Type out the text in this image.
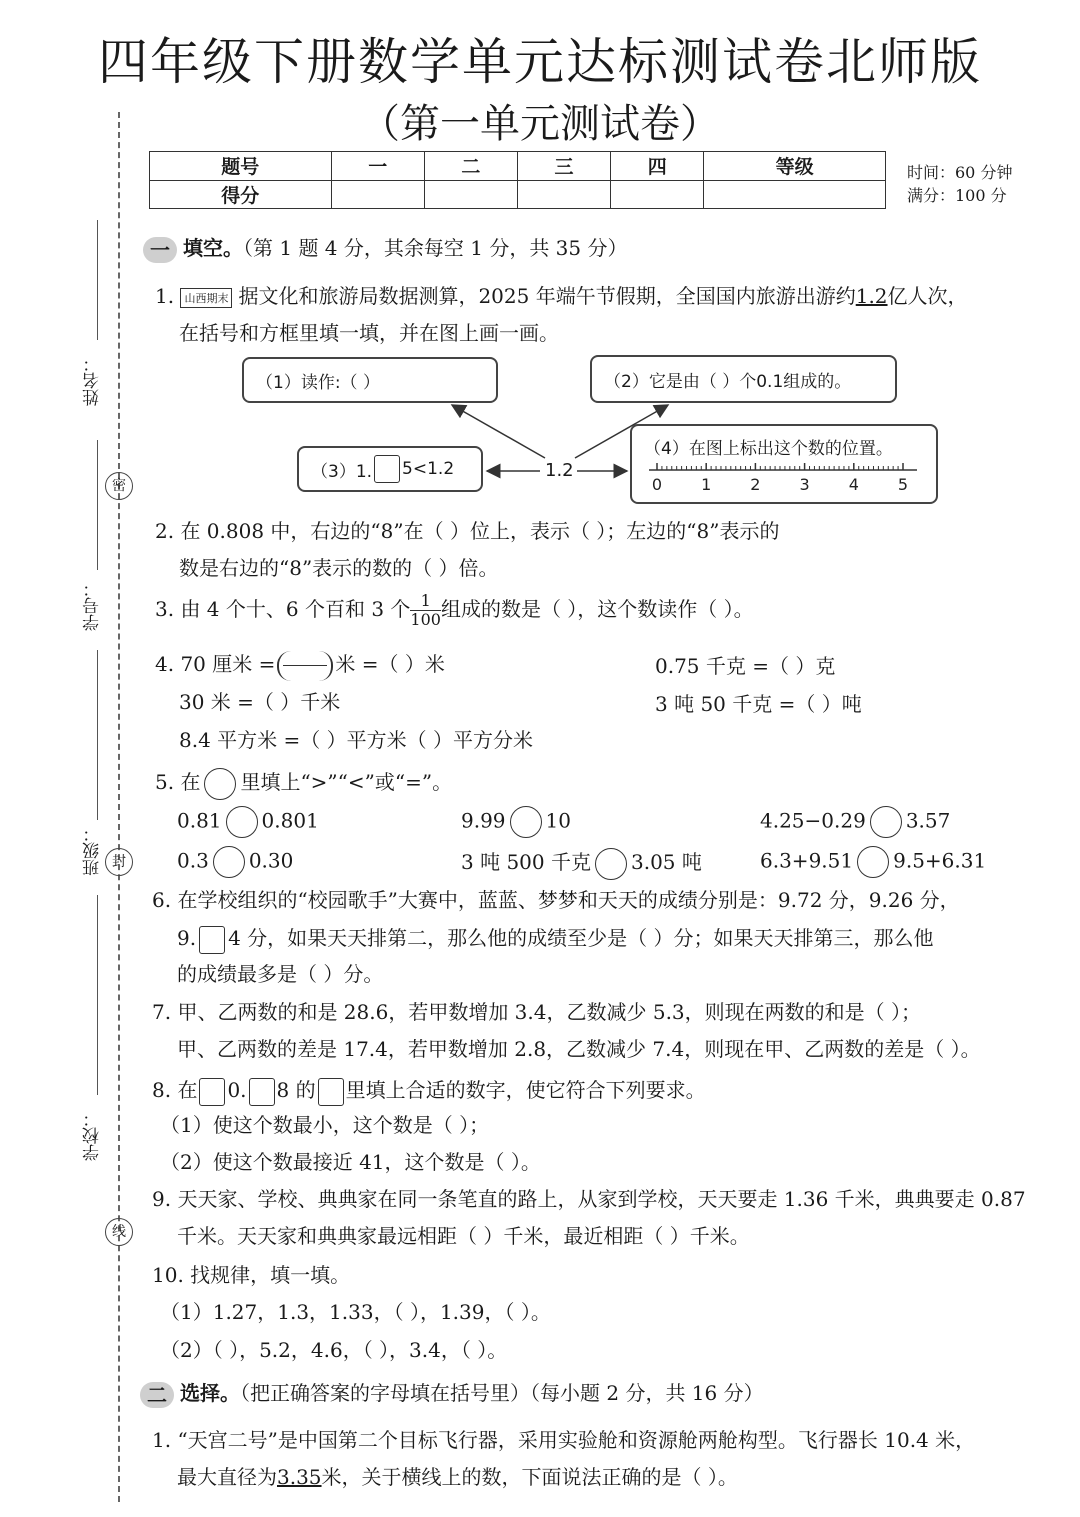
四年级下册数学单元达标测试卷北师版
（第一单元测试卷）
题号	一	二	三	四	等级
得分					
时间：60 分钟
满分：100 分
姓名：
学号：
班级：
学校：
密
封
线
一 填空。（第 1 题 4 分，其余每空 1 分，共 35 分）
1. 山西期末 据文化和旅游局数据测算，2025 年端午节假期，全国国内旅游出游约1.2亿人次，
在括号和方框里填一填，并在图上画一画。
（1）读作:（ ）	（2）它是由（ ）个0.1组成的。
（3）1. 5<1.2	1.2
（4）在图上标出这个数的位置。
0 1 2 3 4 5
2. 在 0.808 中，右边的“8”在（ ）位上，表示（ ）；左边的“8”表示的
数是右边的“8”表示的数的（ ）倍。
3. 由 4 个十、6 个百和 3 个 $\frac{1}{100}$ 组成的数是（ ），这个数读作（ ）。
4. 70 厘米 =	米 =（ ）米	0.75 千克 =（ ）克
30 米 =（ ）千米	3 吨 50 千克 =（ ）吨
8.4 平方米 =（ ）平方米（ ）平方分米
5. 在 里填上“>”“<”或“=”。
0.81 0.801	9.99 10	4.25−0.29 3.57
0.3 0.30	3 吨 500 千克 3.05 吨	6.3+9.51 9.5+6.31
6. 在学校组织的“校园歌手”大赛中，蓝蓝、梦梦和天天的成绩分别是：9.72 分，9.26 分，
9. 4 分，如果天天排第二，那么他的成绩至少是（ ）分；如果天天排第三，那么他
的成绩最多是（ ）分。
7. 甲、乙两数的和是 28.6，若甲数增加 3.4，乙数减少 5.3，则现在两数的和是（ ）；
甲、乙两数的差是 17.4，若甲数增加 2.8，乙数减少 7.4，则现在甲、乙两数的差是（ ）。
8. 在 0. 8 的 里填上合适的数字，使它符合下列要求。
（1）使这个数最小，这个数是（ ）；
（2）使这个数最接近 41，这个数是（ ）。
9. 天天家、学校、典典家在同一条笔直的路上，从家到学校，天天要走 1.36 千米，典典要走 0.87
千米。天天家和典典家最远相距（ ）千米，最近相距（ ）千米。
10. 找规律，填一填。
（1）1.27，1.3，1.33，（ ），1.39，（ ）。
（2）（ ），5.2，4.6，（ ），3.4，（ ）。
二 选择。（把正确答案的字母填在括号里）（每小题 2 分，共 16 分）
1. “天宫二号”是中国第二个目标飞行器，采用实验舱和资源舱两舱构型。飞行器长 10.4 米，
最大直径为3.35米，关于横线上的数，下面说法正确的是（ ）。
